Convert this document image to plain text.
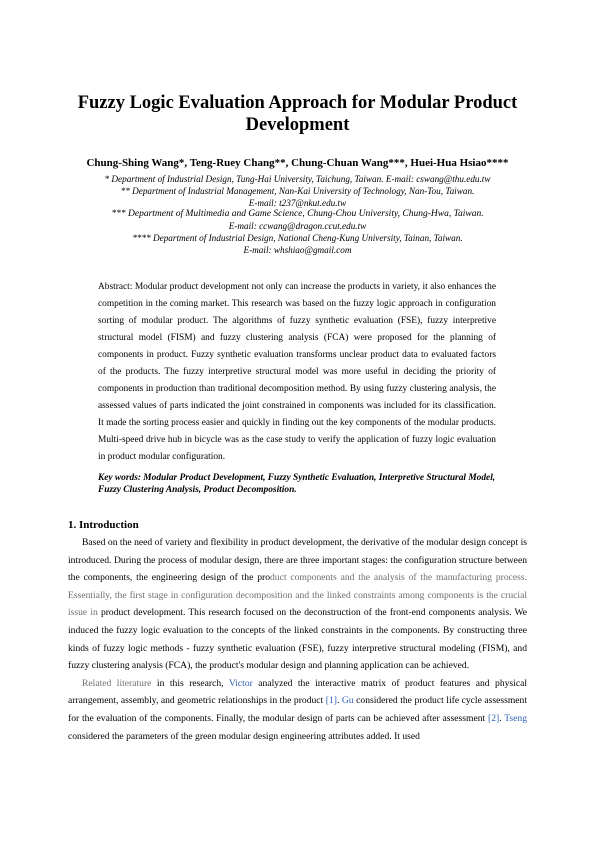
Fuzzy Logic Evaluation Approach for Modular Product Development
Chung-Shing Wang*, Teng-Ruey Chang**, Chung-Chuan Wang***, Huei-Hua Hsiao****
* Department of Industrial Design, Tung-Hai University, Taichung, Taiwan. E-mail: cswang@thu.edu.tw
** Department of Industrial Management, Nan-Kai University of Technology, Nan-Tou, Taiwan.
E-mail: t237@nkut.edu.tw
*** Department of Multimedia and Game Science, Chung-Chou University, Chung-Hwa, Taiwan.
E-mail: ccwang@dragon.ccut.edu.tw
**** Department of Industrial Design, National Cheng-Kung University, Tainan, Taiwan.
E-mail: whshiao@gmail.com

Abstract: Modular product development not only can increase the products in variety, it also enhances the competition in the coming market. This research was based on the fuzzy logic approach in configuration sorting of modular product. The algorithms of fuzzy synthetic evaluation (FSE), fuzzy interpretive structural model (FISM) and fuzzy clustering analysis (FCA) were proposed for the planning of components in product. Fuzzy synthetic evaluation transforms unclear product data to evaluated factors of the products. The fuzzy interpretive structural model was more useful in deciding the priority of components in production than traditional decomposition method. By using fuzzy clustering analysis, the assessed values of parts indicated the joint constrained in components was included for its classification. It made the sorting process easier and quickly in finding out the key components of the modular products. Multi-speed drive hub in bicycle was as the case study to verify the application of fuzzy logic evaluation in product modular configuration.

Key words: Modular Product Development, Fuzzy Synthetic Evaluation, Interpretive Structural Model, Fuzzy Clustering Analysis, Product Decomposition.
1. Introduction

Based on the need of variety and flexibility in product development, the derivative of the modular design concept is introduced. During the process of modular design, there are three important stages: the configuration structure between the components, the engineering design of the product components and the analysis of the manufacturing process. Essentially, the first stage in configuration decomposition and the linked constraints among components is the crucial issue in product development. This research focused on the deconstruction of the front-end components analysis. We induced the fuzzy logic evaluation to the concepts of the linked constraints in the components. By constructing three kinds of fuzzy logic methods - fuzzy synthetic evaluation (FSE), fuzzy interpretive structural modeling (FISM), and fuzzy clustering analysis (FCA), the product's modular design and planning application can be achieved.

Related literature in this research, Victor analyzed the interactive matrix of product features and physical arrangement, assembly, and geometric relationships in the product [1]. Gu considered the product life cycle assessment for the evaluation of the components. Finally, the modular design of parts can be achieved after assessment [2]. Tseng considered the parameters of the green modular design engineering attributes added. It used
